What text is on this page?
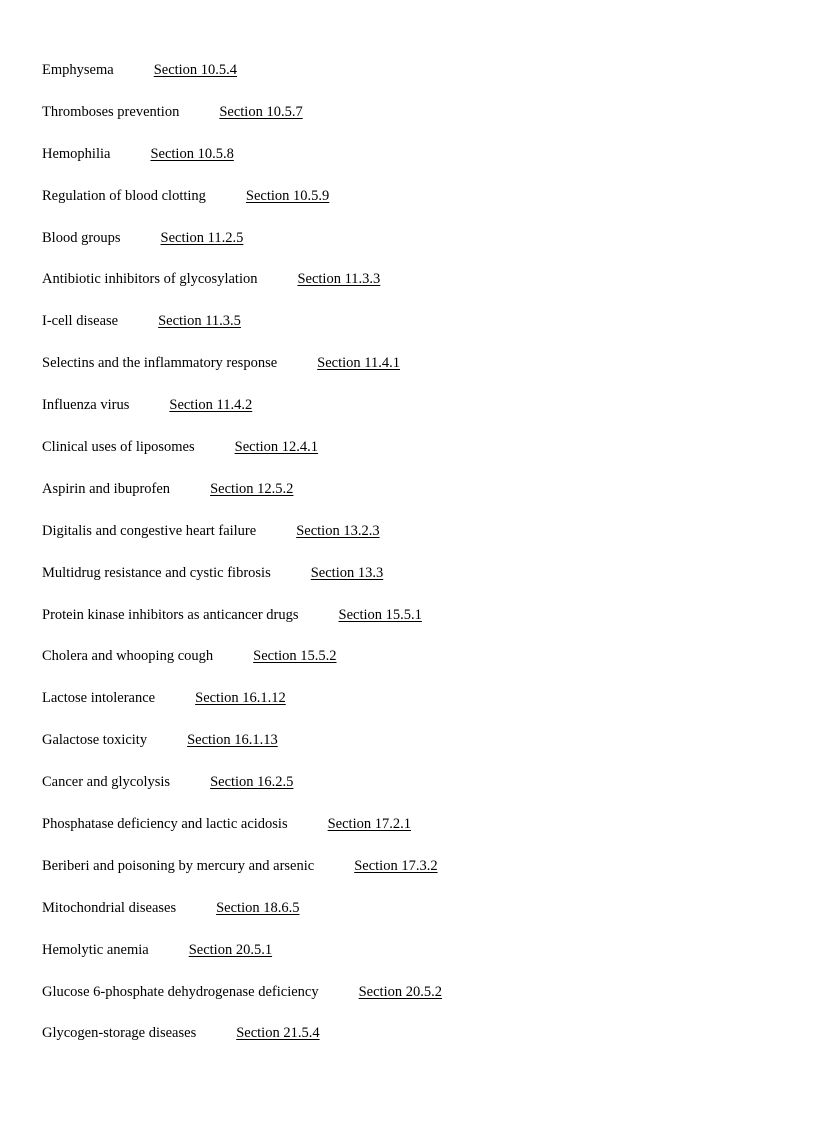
Emphysema	Section 10.5.4
Thromboses prevention	Section 10.5.7
Hemophilia	Section 10.5.8
Regulation of blood clotting	Section 10.5.9
Blood groups	Section 11.2.5
Antibiotic inhibitors of glycosylation	Section 11.3.3
I-cell disease	Section 11.3.5
Selectins and the inflammatory response	Section 11.4.1
Influenza virus	Section 11.4.2
Clinical uses of liposomes	Section 12.4.1
Aspirin and ibuprofen	Section 12.5.2
Digitalis and congestive heart failure	Section 13.2.3
Multidrug resistance and cystic fibrosis	Section 13.3
Protein kinase inhibitors as anticancer drugs	Section 15.5.1
Cholera and whooping cough	Section 15.5.2
Lactose intolerance	Section 16.1.12
Galactose toxicity	Section 16.1.13
Cancer and glycolysis	Section 16.2.5
Phosphatase deficiency and lactic acidosis	Section 17.2.1
Beriberi and poisoning by mercury and arsenic	Section 17.3.2
Mitochondrial diseases	Section 18.6.5
Hemolytic anemia	Section 20.5.1
Glucose 6-phosphate dehydrogenase deficiency	Section 20.5.2
Glycogen-storage diseases	Section 21.5.4
